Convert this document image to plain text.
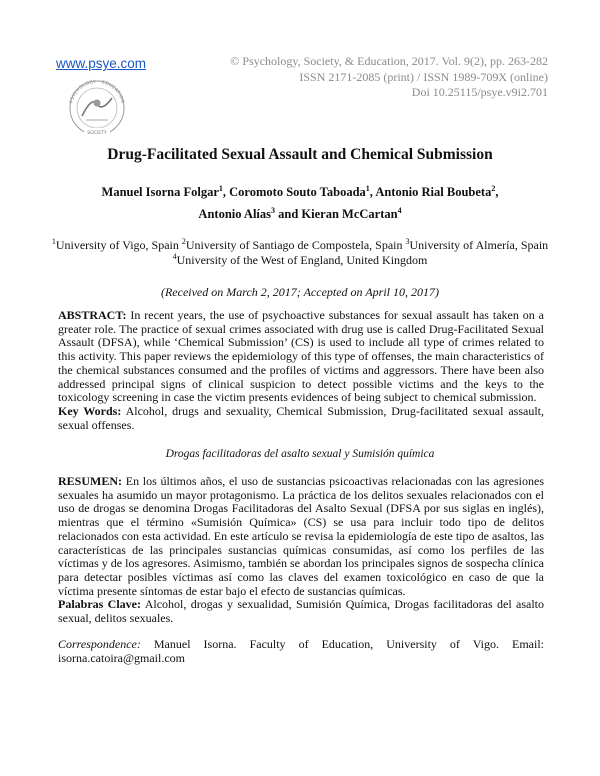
www.psye.com
PSYCHOLOGY · EDUCATION
SOCIETY
© Psychology, Society, & Education, 2017. Vol. 9(2), pp. 263-282
ISSN 2171-2085 (print) / ISSN 1989-709X (online)
Doi 10.25115/psye.v9i2.701
Drug-Facilitated Sexual Assault and Chemical Submission
Manuel Isorna Folgar$^1$, Coromoto Souto Taboada$^1$, Antonio Rial Boubeta$^2$,
Antonio Alías$^3$ and Kieran McCartan$^4$
$^1$University of Vigo, Spain $^2$University of Santiago de Compostela, Spain $^3$University of Almería, Spain
$^4$University of the West of England, United Kingdom
(Received on March 2, 2017; Accepted on April 10, 2017)
ABSTRACT: In recent years, the use of psychoactive substances for sexual assault has taken on a greater role. The practice of sexual crimes associated with drug use is called Drug-Facilitated Sexual Assault (DFSA), while ‘Chemical Submission’ (CS) is used to include all type of crimes related to this activity. This paper reviews the epidemiology of this type of offenses, the main characteristics of the chemical substances consumed and the profiles of victims and aggressors. There have been also addressed principal signs of clinical suspicion to detect possible victims and the keys to the toxicology screening in case the victim presents evidences of being subject to chemical submission.
Key Words: Alcohol, drugs and sexuality, Chemical Submission, Drug-facilitated sexual assault, sexual offenses.
Drogas facilitadoras del asalto sexual y Sumisión química
RESUMEN: En los últimos años, el uso de sustancias psicoactivas relacionadas con las agresiones sexuales ha asumido un mayor protagonismo. La práctica de los delitos sexuales relacionados con el uso de drogas se denomina Drogas Facilitadoras del Asalto Sexual (DFSA por sus siglas en inglés), mientras que el término «Sumisión Química» (CS) se usa para incluir todo tipo de delitos relacionados con esta actividad. En este artículo se revisa la epidemiología de este tipo de asaltos, las características de las principales sustancias químicas consumidas, así como los perfiles de las víctimas y de los agresores. Asimismo, también se abordan los principales signos de sospecha clínica para detectar posibles víctimas así como las claves del examen toxicológico en caso de que la víctima presente síntomas de estar bajo el efecto de sustancias químicas.
Palabras Clave: Alcohol, drogas y sexualidad, Sumisión Química, Drogas facilitadoras del asalto sexual, delitos sexuales.
Correspondence: Manuel Isorna. Faculty of Education, University of Vigo. Email: isorna.catoira@gmail.com
